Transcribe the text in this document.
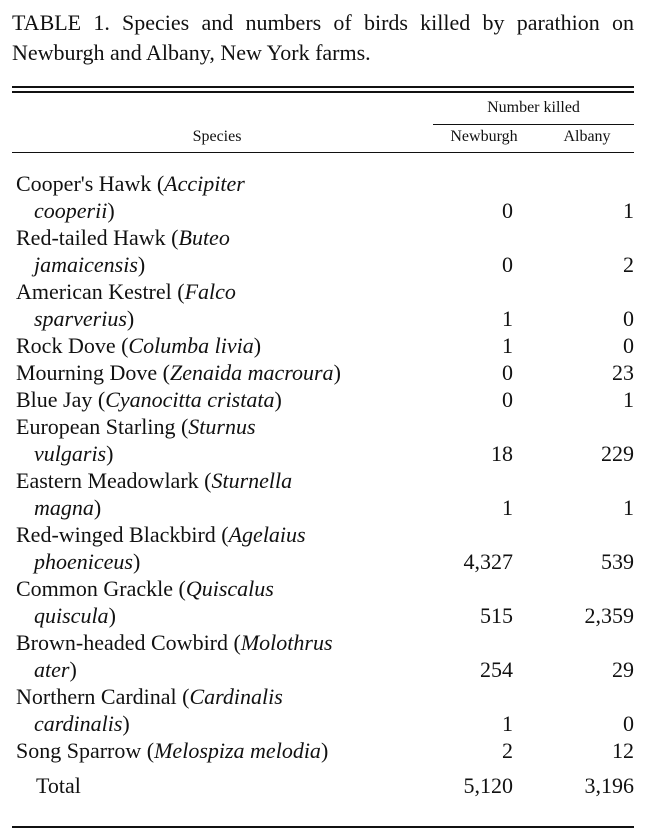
TABLE 1. Species and numbers of birds killed by parathion on Newburgh and Albany, New York farms.
Number killed
Species	Newburgh	Albany
Cooper's Hawk (Accipiter
cooperii)	0	1
Red-tailed Hawk (Buteo
jamaicensis)	0	2
American Kestrel (Falco
sparverius)	1	0
Rock Dove (Columba livia)	1	0
Mourning Dove (Zenaida macroura)	0	23
Blue Jay (Cyanocitta cristata)	0	1
European Starling (Sturnus
vulgaris)	18	229
Eastern Meadowlark (Sturnella
magna)	1	1
Red-winged Blackbird (Agelaius
phoeniceus)	4,327	539
Common Grackle (Quiscalus
quiscula)	515	2,359
Brown-headed Cowbird (Molothrus
ater)	254	29
Northern Cardinal (Cardinalis
cardinalis)	1	0
Song Sparrow (Melospiza melodia)	2	12
Total	5,120	3,196
